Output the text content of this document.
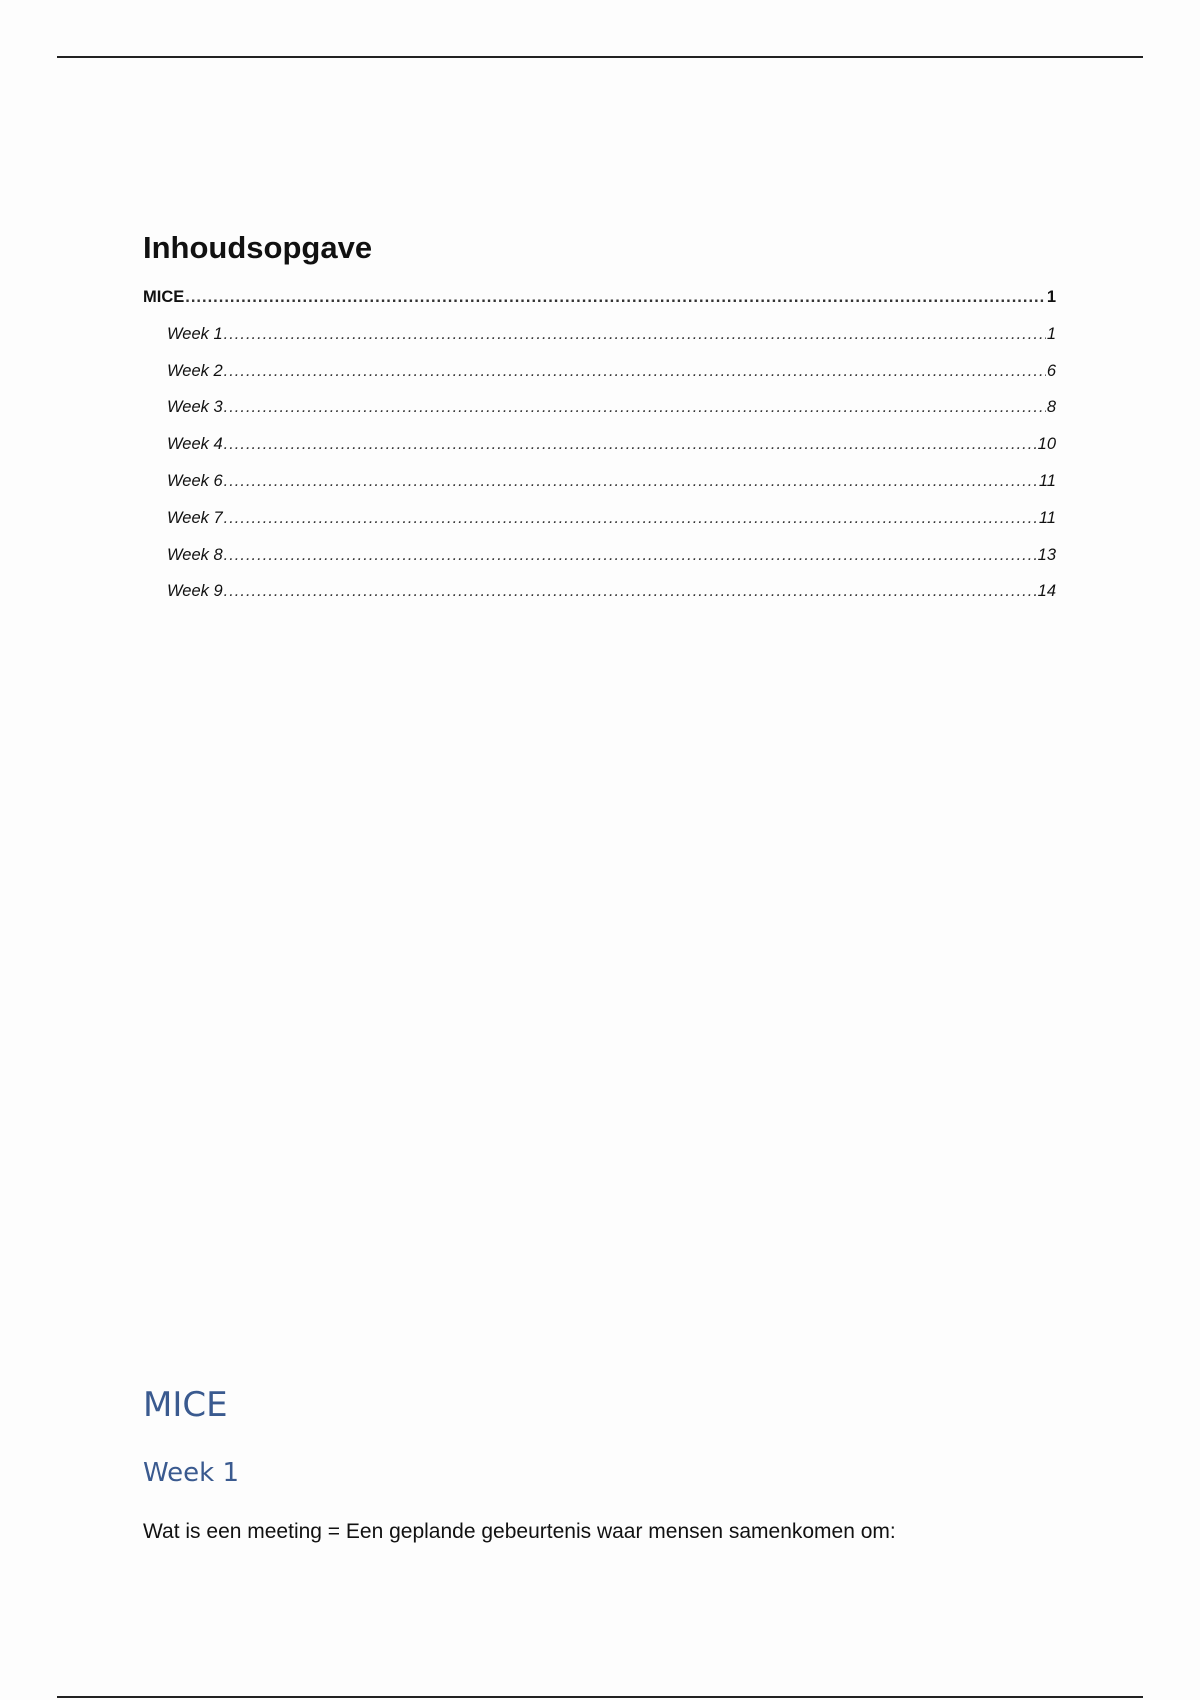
Inhoudsopgave
MICE .....	1
Week 1 .....	1
Week 2 .....	6
Week 3 .....	8
Week 4 .....	10
Week 6 .....	11
Week 7 .....	11
Week 8 .....	13
Week 9 .....	14
MICE
Week 1

Wat is een meeting = Een geplande gebeurtenis waar mensen samenkomen om:
